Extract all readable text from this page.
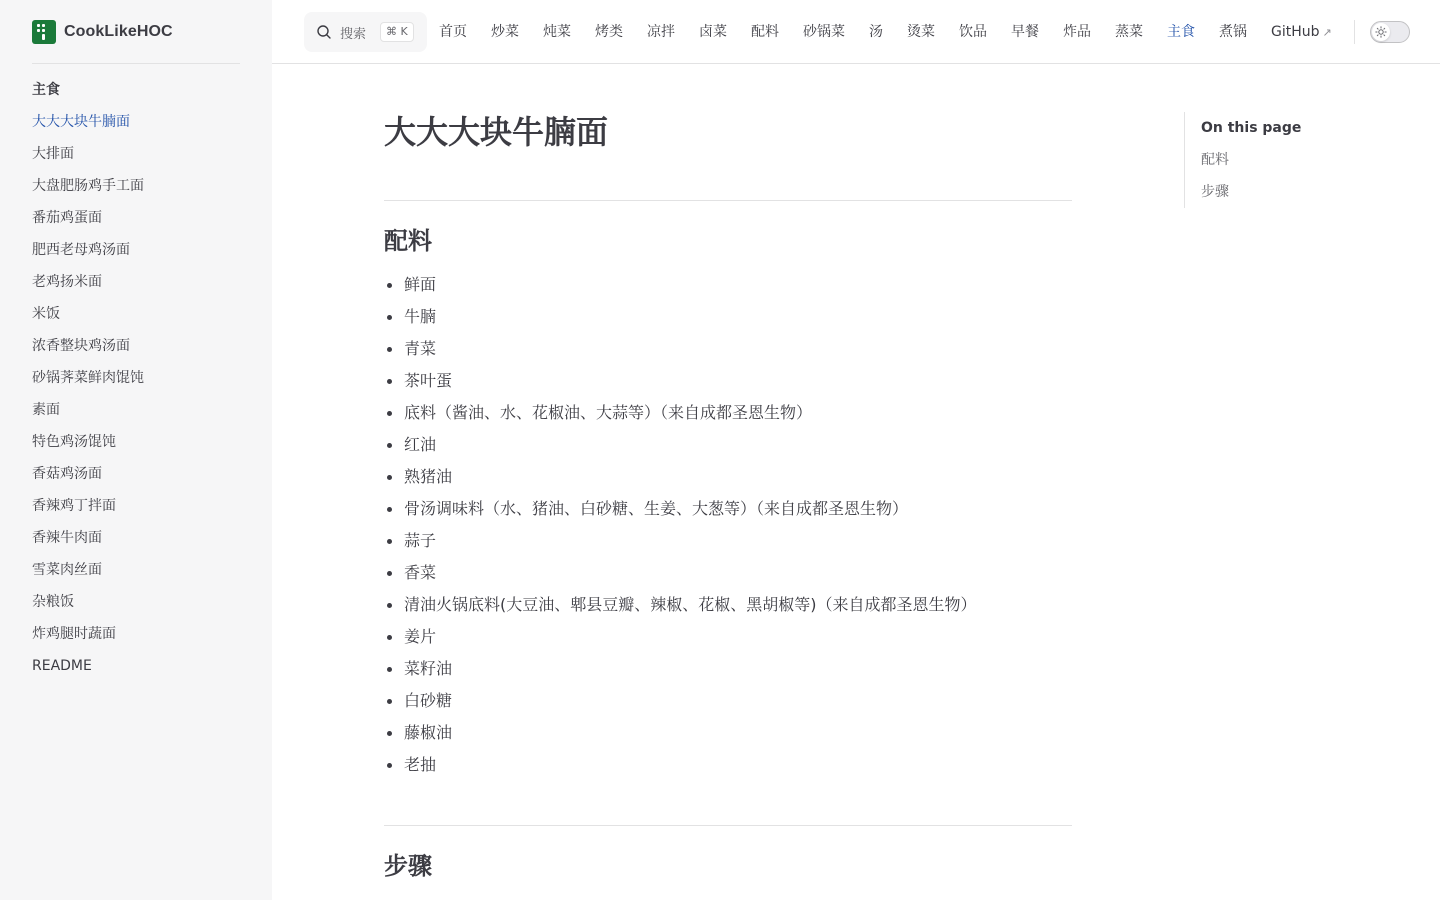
CookLikeHOC
主食
大大大块牛腩面
大排面
大盘肥肠鸡手工面
番茄鸡蛋面
肥西老母鸡汤面
老鸡扬米面
米饭
浓香整块鸡汤面
砂锅荠菜鲜肉馄饨
素面
特色鸡汤馄饨
香菇鸡汤面
香辣鸡丁拌面
香辣牛肉面
雪菜肉丝面
杂粮饭
炸鸡腿时蔬面
README
搜索	⌘ K	首页 炒菜 炖菜 烤类 凉拌 卤菜 配料 砂锅菜 汤 烫菜 饮品 早餐 炸品 蒸菜 主食 煮锅 GitHub ↗
大大大块牛腩面
配料
鲜面
牛腩
青菜
茶叶蛋
底料（酱油、水、花椒油、大蒜等）（来自成都圣恩生物）
红油
熟猪油
骨汤调味料（水、猪油、白砂糖、生姜、大葱等）（来自成都圣恩生物）
蒜子
香菜
清油火锅底料(大豆油、郫县豆瓣、辣椒、花椒、黑胡椒等)（来自成都圣恩生物）
姜片
菜籽油
白砂糖
藤椒油
老抽
步骤
On this page
配料
步骤
